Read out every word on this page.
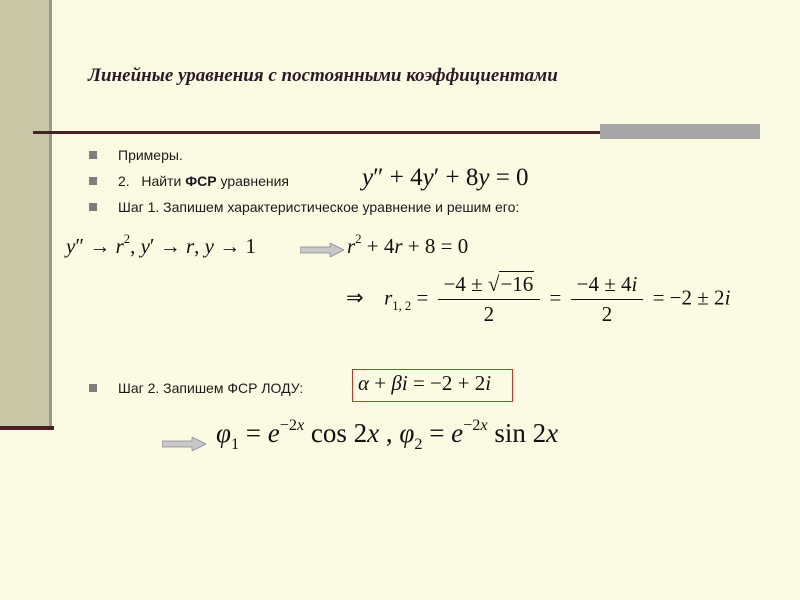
Линейные уравнения с постоянными коэффициентами
Примеры.
2.   Найти ФСР уравнения	y″ + 4y′ + 8y = 0
Шаг 1. Запишем характеристическое уравнение и решим его:
$y'' \to r^2$, y′ → r, y → 1	$r^2 + 4r + 8 = 0$
⇒ $r_{1, 2} = \frac{-4 \pm √-16}{2} = \frac{-4 \pm 4i}{2} = -2 \pm 2i$
Шаг 2. Запишем ФСР ЛОДУ:	α + βi = −2 + 2i
$\varphi_1 = e^{-2x}$ cos 2x , $\varphi_2 = e^{-2x}$ sin 2x
